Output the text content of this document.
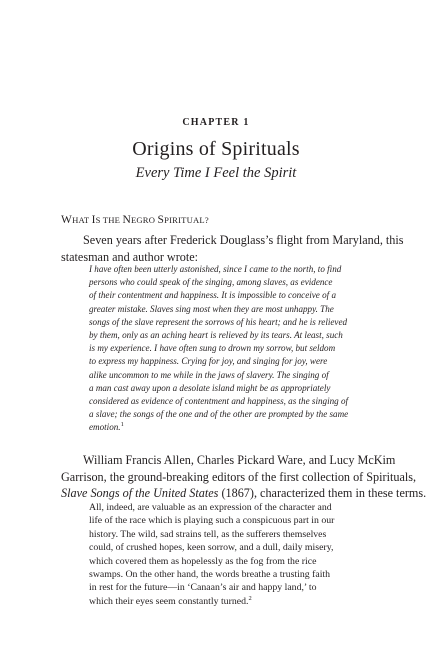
CHAPTER 1
Origins of Spirituals
Every Time I Feel the Spirit
WHAT IS THE NEGRO SPIRITUAL?
Seven years after Frederick Douglass’s flight from Maryland, this
statesman and author wrote:
I have often been utterly astonished, since I came to the north, to find
persons who could speak of the singing, among slaves, as evidence
of their contentment and happiness. It is impossible to conceive of a
greater mistake. Slaves sing most when they are most unhappy. The
songs of the slave represent the sorrows of his heart; and he is relieved
by them, only as an aching heart is relieved by its tears. At least, such
is my experience. I have often sung to drown my sorrow, but seldom
to express my happiness. Crying for joy, and singing for joy, were
alike uncommon to me while in the jaws of slavery. The singing of
a man cast away upon a desolate island might be as appropriately
considered as evidence of contentment and happiness, as the singing of
a slave; the songs of the one and of the other are prompted by the same
emotion.$^1$
William Francis Allen, Charles Pickard Ware, and Lucy McKim
Garrison, the ground-breaking editors of the first collection of Spirituals,
Slave Songs of the United States (1867), characterized them in these terms.
All, indeed, are valuable as an expression of the character and
life of the race which is playing such a conspicuous part in our
history. The wild, sad strains tell, as the sufferers themselves
could, of crushed hopes, keen sorrow, and a dull, daily misery,
which covered them as hopelessly as the fog from the rice
swamps. On the other hand, the words breathe a trusting faith
in rest for the future—in ‘Canaan’s air and happy land,’ to
which their eyes seem constantly turned.$^2$
